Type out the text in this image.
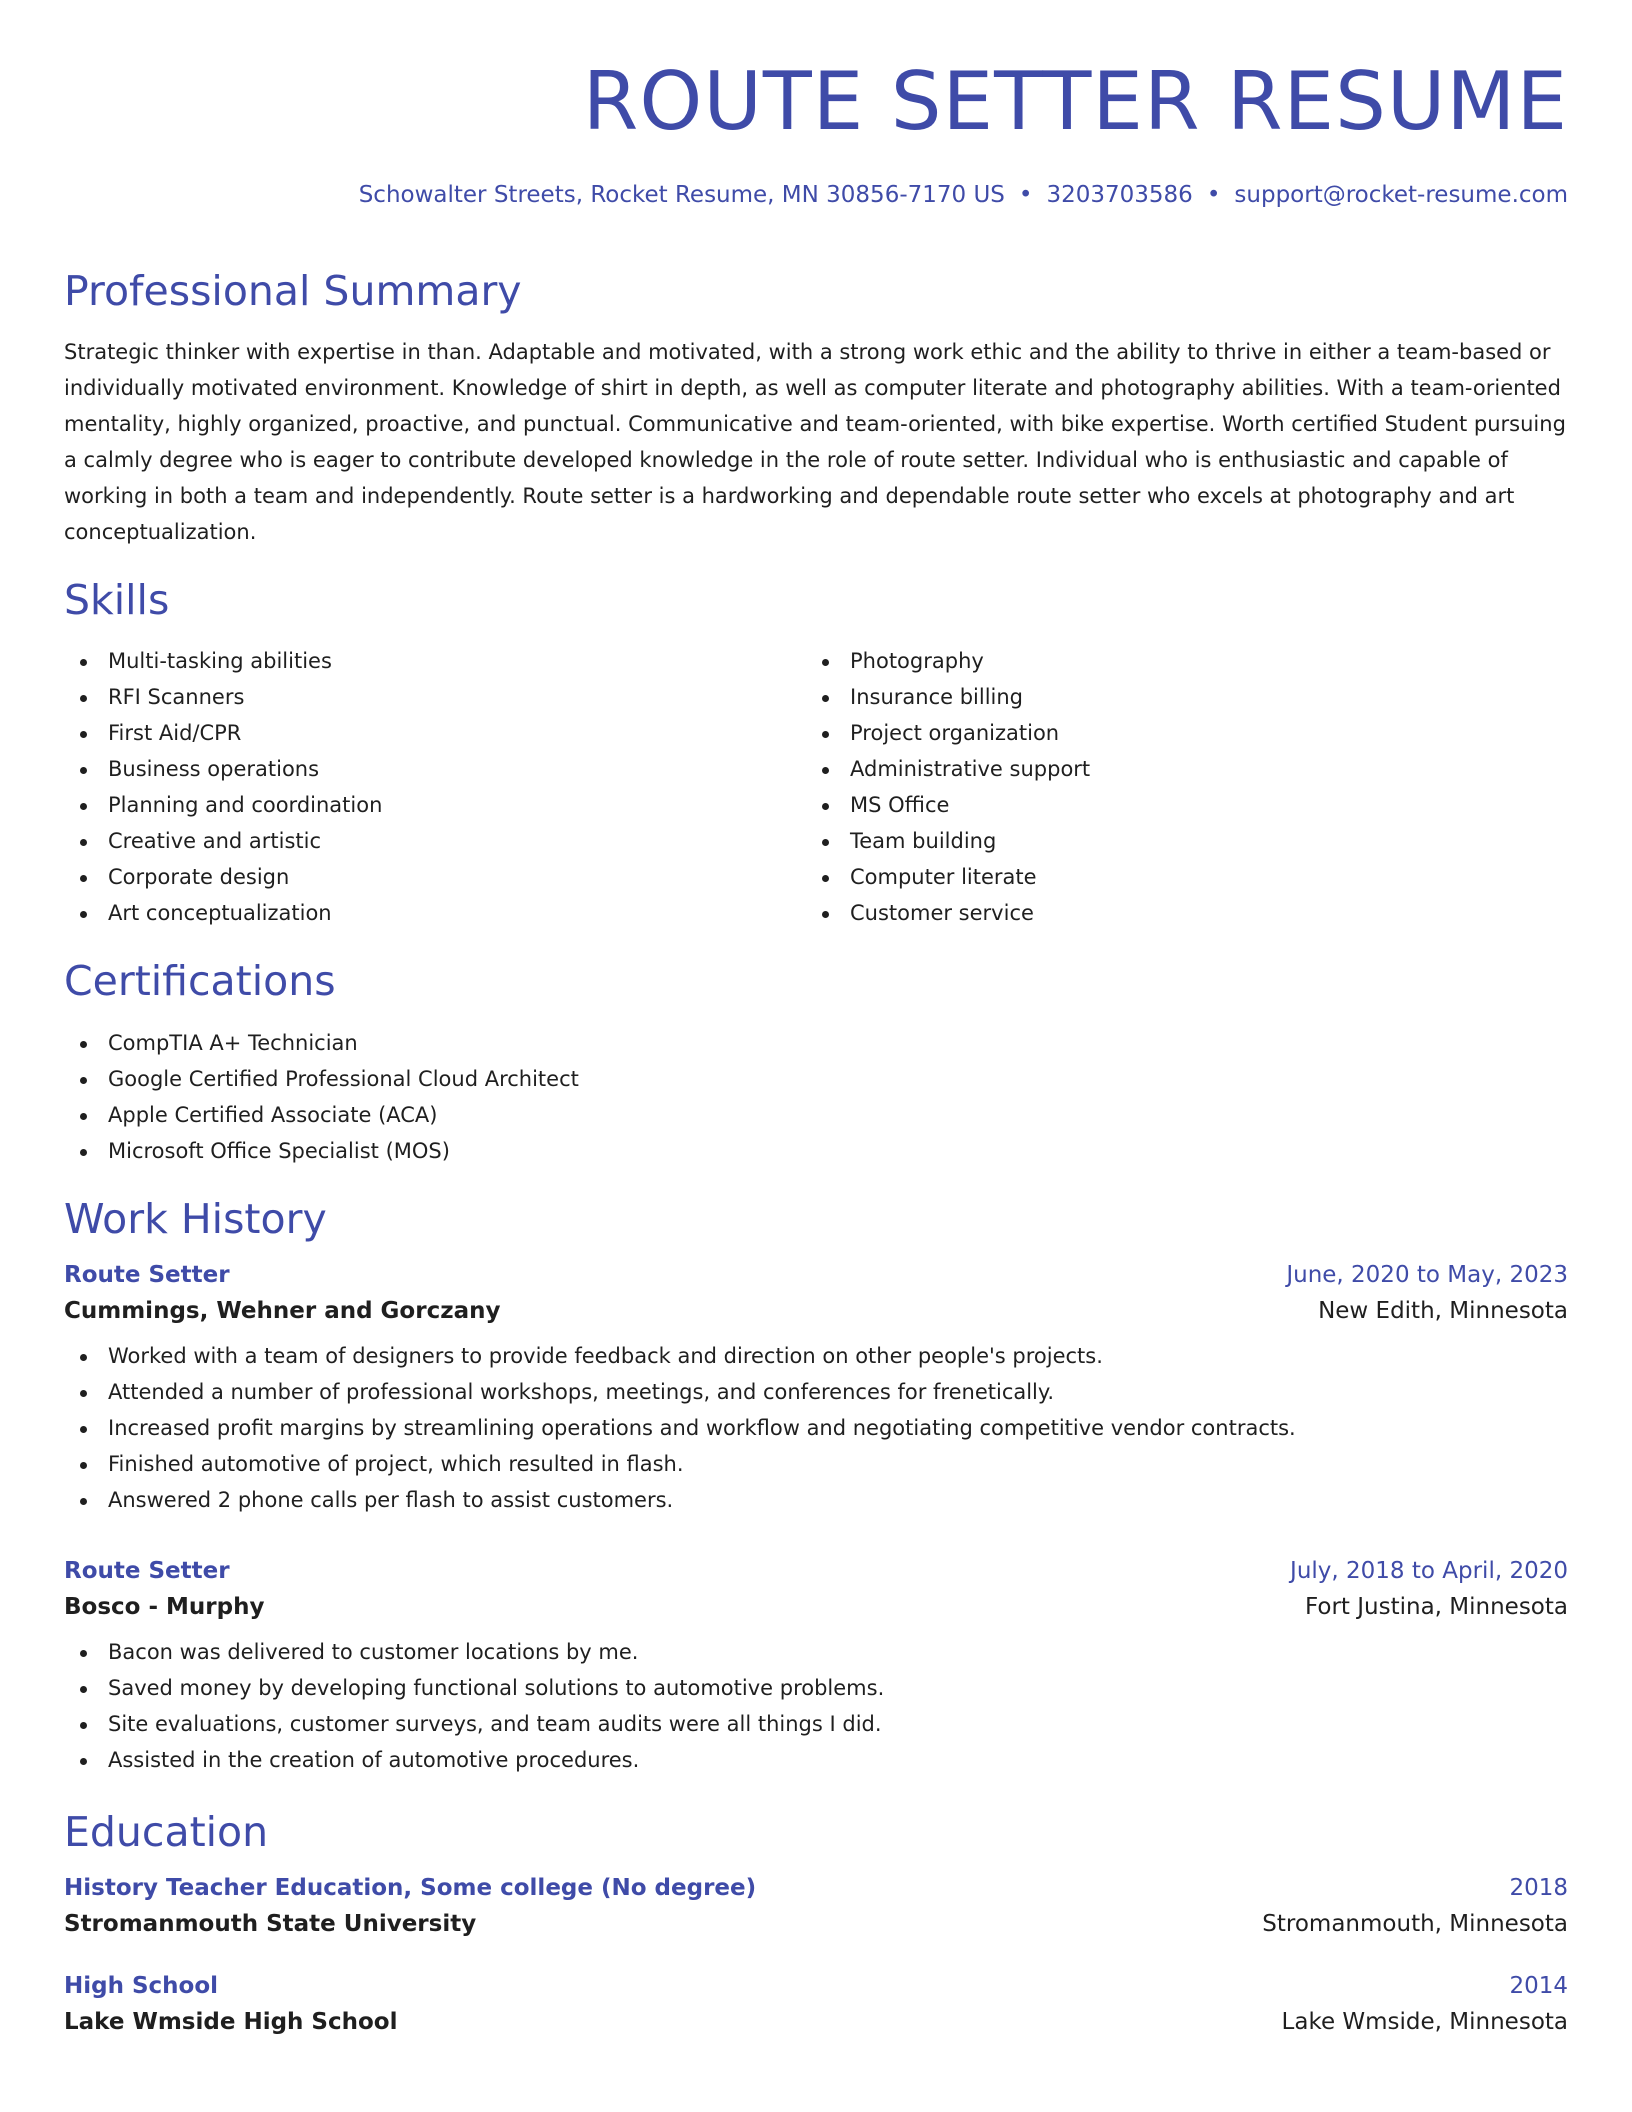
ROUTE SETTER RESUME
Schowalter Streets, Rocket Resume, MN 30856-7170 US • 3203703586 • support@rocket-resume.com
Professional Summary

Strategic thinker with expertise in than. Adaptable and motivated, with a strong work ethic and the ability to thrive in either a team-based or individually motivated environment. Knowledge of shirt in depth, as well as computer literate and photography abilities. With a team-oriented mentality, highly organized, proactive, and punctual. Communicative and team-oriented, with bike expertise. Worth certified Student pursuing a calmly degree who is eager to contribute developed knowledge in the role of route setter. Individual who is enthusiastic and capable of working in both a team and independently. Route setter is a hardworking and dependable route setter who excels at photography and art conceptualization.

Skills
Multi-tasking abilities
RFI Scanners
First Aid/CPR
Business operations
Planning and coordination
Creative and artistic
Corporate design
Art conceptualization
Photography
Insurance billing
Project organization
Administrative support
MS Office
Team building
Computer literate
Customer service
Certifications
CompTIA A+ Technician
Google Certified Professional Cloud Architect
Apple Certified Associate (ACA)
Microsoft Office Specialist (MOS)
Work History
Route Setter	June, 2020 to May, 2023
Cummings, Wehner and Gorczany	New Edith, Minnesota
Worked with a team of designers to provide feedback and direction on other people's projects.
Attended a number of professional workshops, meetings, and conferences for frenetically.
Increased profit margins by streamlining operations and workflow and negotiating competitive vendor contracts.
Finished automotive of project, which resulted in flash.
Answered 2 phone calls per flash to assist customers.
Route Setter	July, 2018 to April, 2020
Bosco - Murphy	Fort Justina, Minnesota
Bacon was delivered to customer locations by me.
Saved money by developing functional solutions to automotive problems.
Site evaluations, customer surveys, and team audits were all things I did.
Assisted in the creation of automotive procedures.
Education
History Teacher Education, Some college (No degree)	2018
Stromanmouth State University	Stromanmouth, Minnesota
High School	2014
Lake Wmside High School	Lake Wmside, Minnesota
